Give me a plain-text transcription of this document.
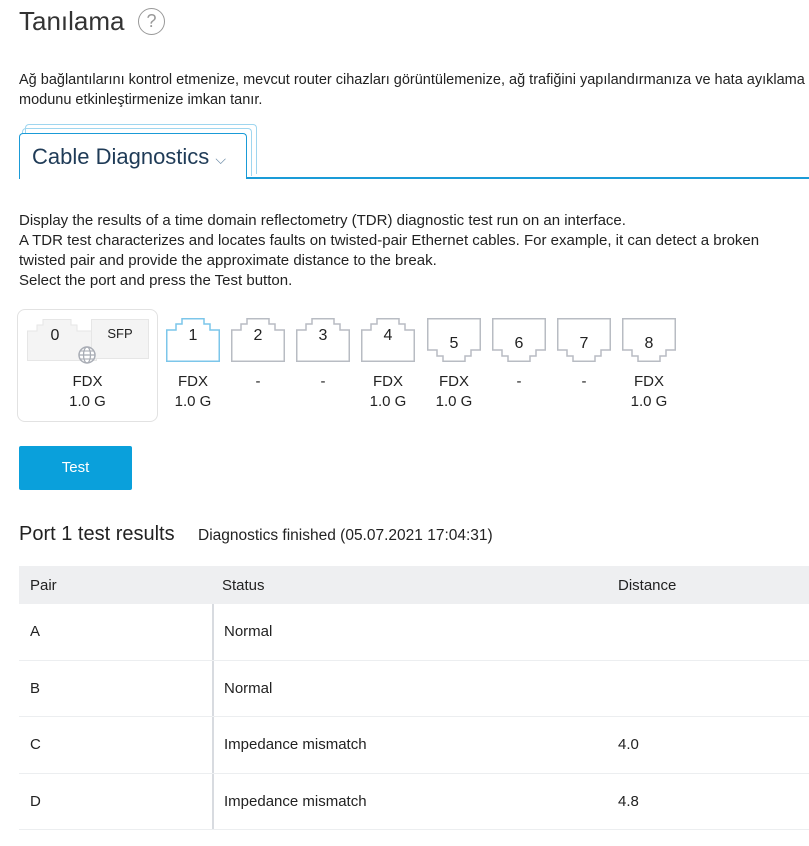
Tanılama	?
Ağ bağlantılarını kontrol etmenize, mevcut router cihazları görüntülemenize, ağ trafiğini yapılandırmanıza ve hata ayıklama modunu etkinleştirmenize imkan tanır.
Cable Diagnostics ⌵
Display the results of a time domain reflectometry (TDR) diagnostic test run on an interface.
A TDR test characterizes and locates faults on twisted-pair Ethernet cables. For example, it can detect a broken twisted pair and provide the approximate distance to the break.
Select the port and press the Test button.
0	SFP
FDX
1.0 G
1
FDX
1.0 G
2
-
3
-
4
FDX
1.0 G
5
FDX
1.0 G
6
-
7
-
8
FDX
1.0 G
Test
Port 1 test results Diagnostics finished (05.07.2021 17:04:31)
Pair	Status	Distance
A	Normal
B	Normal
C	Impedance mismatch	4.0
D	Impedance mismatch	4.8
